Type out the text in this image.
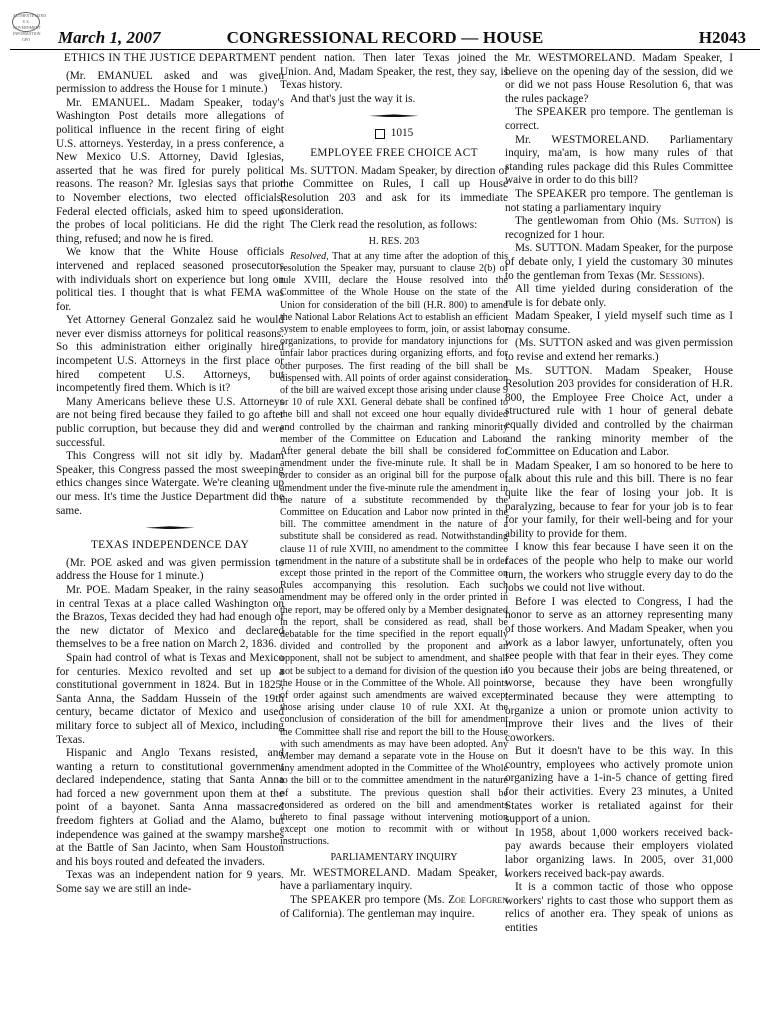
AUTHENTICATED
U.S. GOVERNMENT
INFORMATION
GPO	March 1, 2007	CONGRESSIONAL RECORD — HOUSE	H2043

ETHICS IN THE JUSTICE DEPARTMENT

(Mr. EMANUEL asked and was given permission to address the House for 1 minute.)

Mr. EMANUEL. Madam Speaker, today's Washington Post details more allegations of political influence in the recent firing of eight U.S. attorneys. Yesterday, in a press conference, a New Mexico U.S. Attorney, David Iglesias, asserted that he was fired for purely political reasons. The reason? Mr. Iglesias says that prior to November elections, two elected officials, Federal elected officials, asked him to speed up the probes of local politicians. He did the right thing, refused; and now he is fired.

We know that the White House officials intervened and replaced seasoned prosecutors with individuals short on experience but long on political ties. I thought that is what FEMA was for.

Yet Attorney General Gonzalez said he would never ever dismiss attorneys for political reasons. So this administration either originally hired incompetent U.S. Attorneys in the first place or hired competent U.S. Attorneys, but incompetently fired them. Which is it?

Many Americans believe these U.S. Attorneys are not being fired because they failed to go after public corruption, but because they did and were successful.

This Congress will not sit idly by. Madam Speaker, this Congress passed the most sweeping ethics changes since Watergate. We're cleaning up our mess. It's time the Justice Department did the same.

TEXAS INDEPENDENCE DAY

(Mr. POE asked and was given permission to address the House for 1 minute.)

Mr. POE. Madam Speaker, in the rainy season in central Texas at a place called Washington on the Brazos, Texas decided they had had enough of the new dictator of Mexico and declared themselves to be a free nation on March 2, 1836.

Spain had control of what is Texas and Mexico for centuries. Mexico revolted and set up a constitutional government in 1824. But in 1825, Santa Anna, the Saddam Hussein of the 19th century, became dictator of Mexico and used military force to subject all of Mexico, including Texas.

Hispanic and Anglo Texans resisted, and wanting a return to constitutional government declared independence, stating that Santa Anna had forced a new government upon them at the point of a bayonet. Santa Anna massacred freedom fighters at Goliad and the Alamo, but independence was gained at the swampy marshes at the Battle of San Jacinto, when Sam Houston and his boys routed and defeated the invaders.

Texas was an independent nation for 9 years. Some say we are still an inde-

pendent nation. Then later Texas joined the Union. And, Madam Speaker, the rest, they say, is Texas history.

And that's just the way it is.

1015

EMPLOYEE FREE CHOICE ACT

Ms. SUTTON. Madam Speaker, by direction of the Committee on Rules, I call up House Resolution 203 and ask for its immediate consideration.

The Clerk read the resolution, as follows:

H. RES. 203

Resolved, That at any time after the adoption of this resolution the Speaker may, pursuant to clause 2(b) of rule XVIII, declare the House resolved into the Committee of the Whole House on the state of the Union for consideration of the bill (H.R. 800) to amend the National Labor Relations Act to establish an efficient system to enable employees to form, join, or assist labor organizations, to provide for mandatory injunctions for unfair labor practices during organizing efforts, and for other purposes. The first reading of the bill shall be dispensed with. All points of order against consideration of the bill are waived except those arising under clause 9 or 10 of rule XXI. General debate shall be confined to the bill and shall not exceed one hour equally divided and controlled by the chairman and ranking minority member of the Committee on Education and Labor. After general debate the bill shall be considered for amendment under the five-minute rule. It shall be in order to consider as an original bill for the purpose of amendment under the five-minute rule the amendment in the nature of a substitute recommended by the Committee on Education and Labor now printed in the bill. The committee amendment in the nature of a substitute shall be considered as read. Notwithstanding clause 11 of rule XVIII, no amendment to the committee amendment in the nature of a substitute shall be in order except those printed in the report of the Committee on Rules accompanying this resolution. Each such amendment may be offered only in the order printed in the report, may be offered only by a Member designated in the report, shall be considered as read, shall be debatable for the time specified in the report equally divided and controlled by the proponent and an opponent, shall not be subject to amendment, and shall not be subject to a demand for division of the question in the House or in the Committee of the Whole. All points of order against such amendments are waived except those arising under clause 10 of rule XXI. At the conclusion of consideration of the bill for amendment the Committee shall rise and report the bill to the House with such amendments as may have been adopted. Any Member may demand a separate vote in the House on any amendment adopted in the Committee of the Whole to the bill or to the committee amendment in the nature of a substitute. The previous question shall be considered as ordered on the bill and amendments thereto to final passage without intervening motion except one motion to recommit with or without instructions.

PARLIAMENTARY INQUIRY

Mr. WESTMORELAND. Madam Speaker, I have a parliamentary inquiry.

The SPEAKER pro tempore (Ms. Zoe Lofgren of California). The gentleman may inquire.

Mr. WESTMORELAND. Madam Speaker, I believe on the opening day of the session, did we or did we not pass House Resolution 6, that was the rules package?

The SPEAKER pro tempore. The gentleman is correct.

Mr. WESTMORELAND. Parliamentary inquiry, ma'am, is how many rules of that standing rules package did this Rules Committee waive in order to do this bill?

The SPEAKER pro tempore. The gentleman is not stating a parliamentary inquiry

The gentlewoman from Ohio (Ms. Sutton) is recognized for 1 hour.

Ms. SUTTON. Madam Speaker, for the purpose of debate only, I yield the customary 30 minutes to the gentleman from Texas (Mr. Sessions).

All time yielded during consideration of the rule is for debate only.

Madam Speaker, I yield myself such time as I may consume.

(Ms. SUTTON asked and was given permission to revise and extend her remarks.)

Ms. SUTTON. Madam Speaker, House Resolution 203 provides for consideration of H.R. 800, the Employee Free Choice Act, under a structured rule with 1 hour of general debate equally divided and controlled by the chairman and the ranking minority member of the Committee on Education and Labor.

Madam Speaker, I am so honored to be here to talk about this rule and this bill. There is no fear quite like the fear of losing your job. It is paralyzing, because to fear for your job is to fear for your family, for their well-being and for your ability to provide for them.

I know this fear because I have seen it on the faces of the people who help to make our world turn, the workers who struggle every day to do the jobs we could not live without.

Before I was elected to Congress, I had the honor to serve as an attorney representing many of those workers. And Madam Speaker, when you work as a labor lawyer, unfortunately, often you see people with that fear in their eyes. They come to you because their jobs are being threatened, or worse, because they have been wrongfully terminated because they were attempting to organize a union or promote union activity to improve their lives and the lives of their coworkers.

But it doesn't have to be this way. In this country, employees who actively promote union organizing have a 1-in-5 chance of getting fired for their activities. Every 23 minutes, a United States worker is retaliated against for their support of a union.

In 1958, about 1,000 workers received back-pay awards because their employers violated labor organizing laws. In 2005, over 31,000 workers received back-pay awards.

It is a common tactic of those who oppose workers' rights to cast those who support them as relics of another era. They speak of unions as entities
